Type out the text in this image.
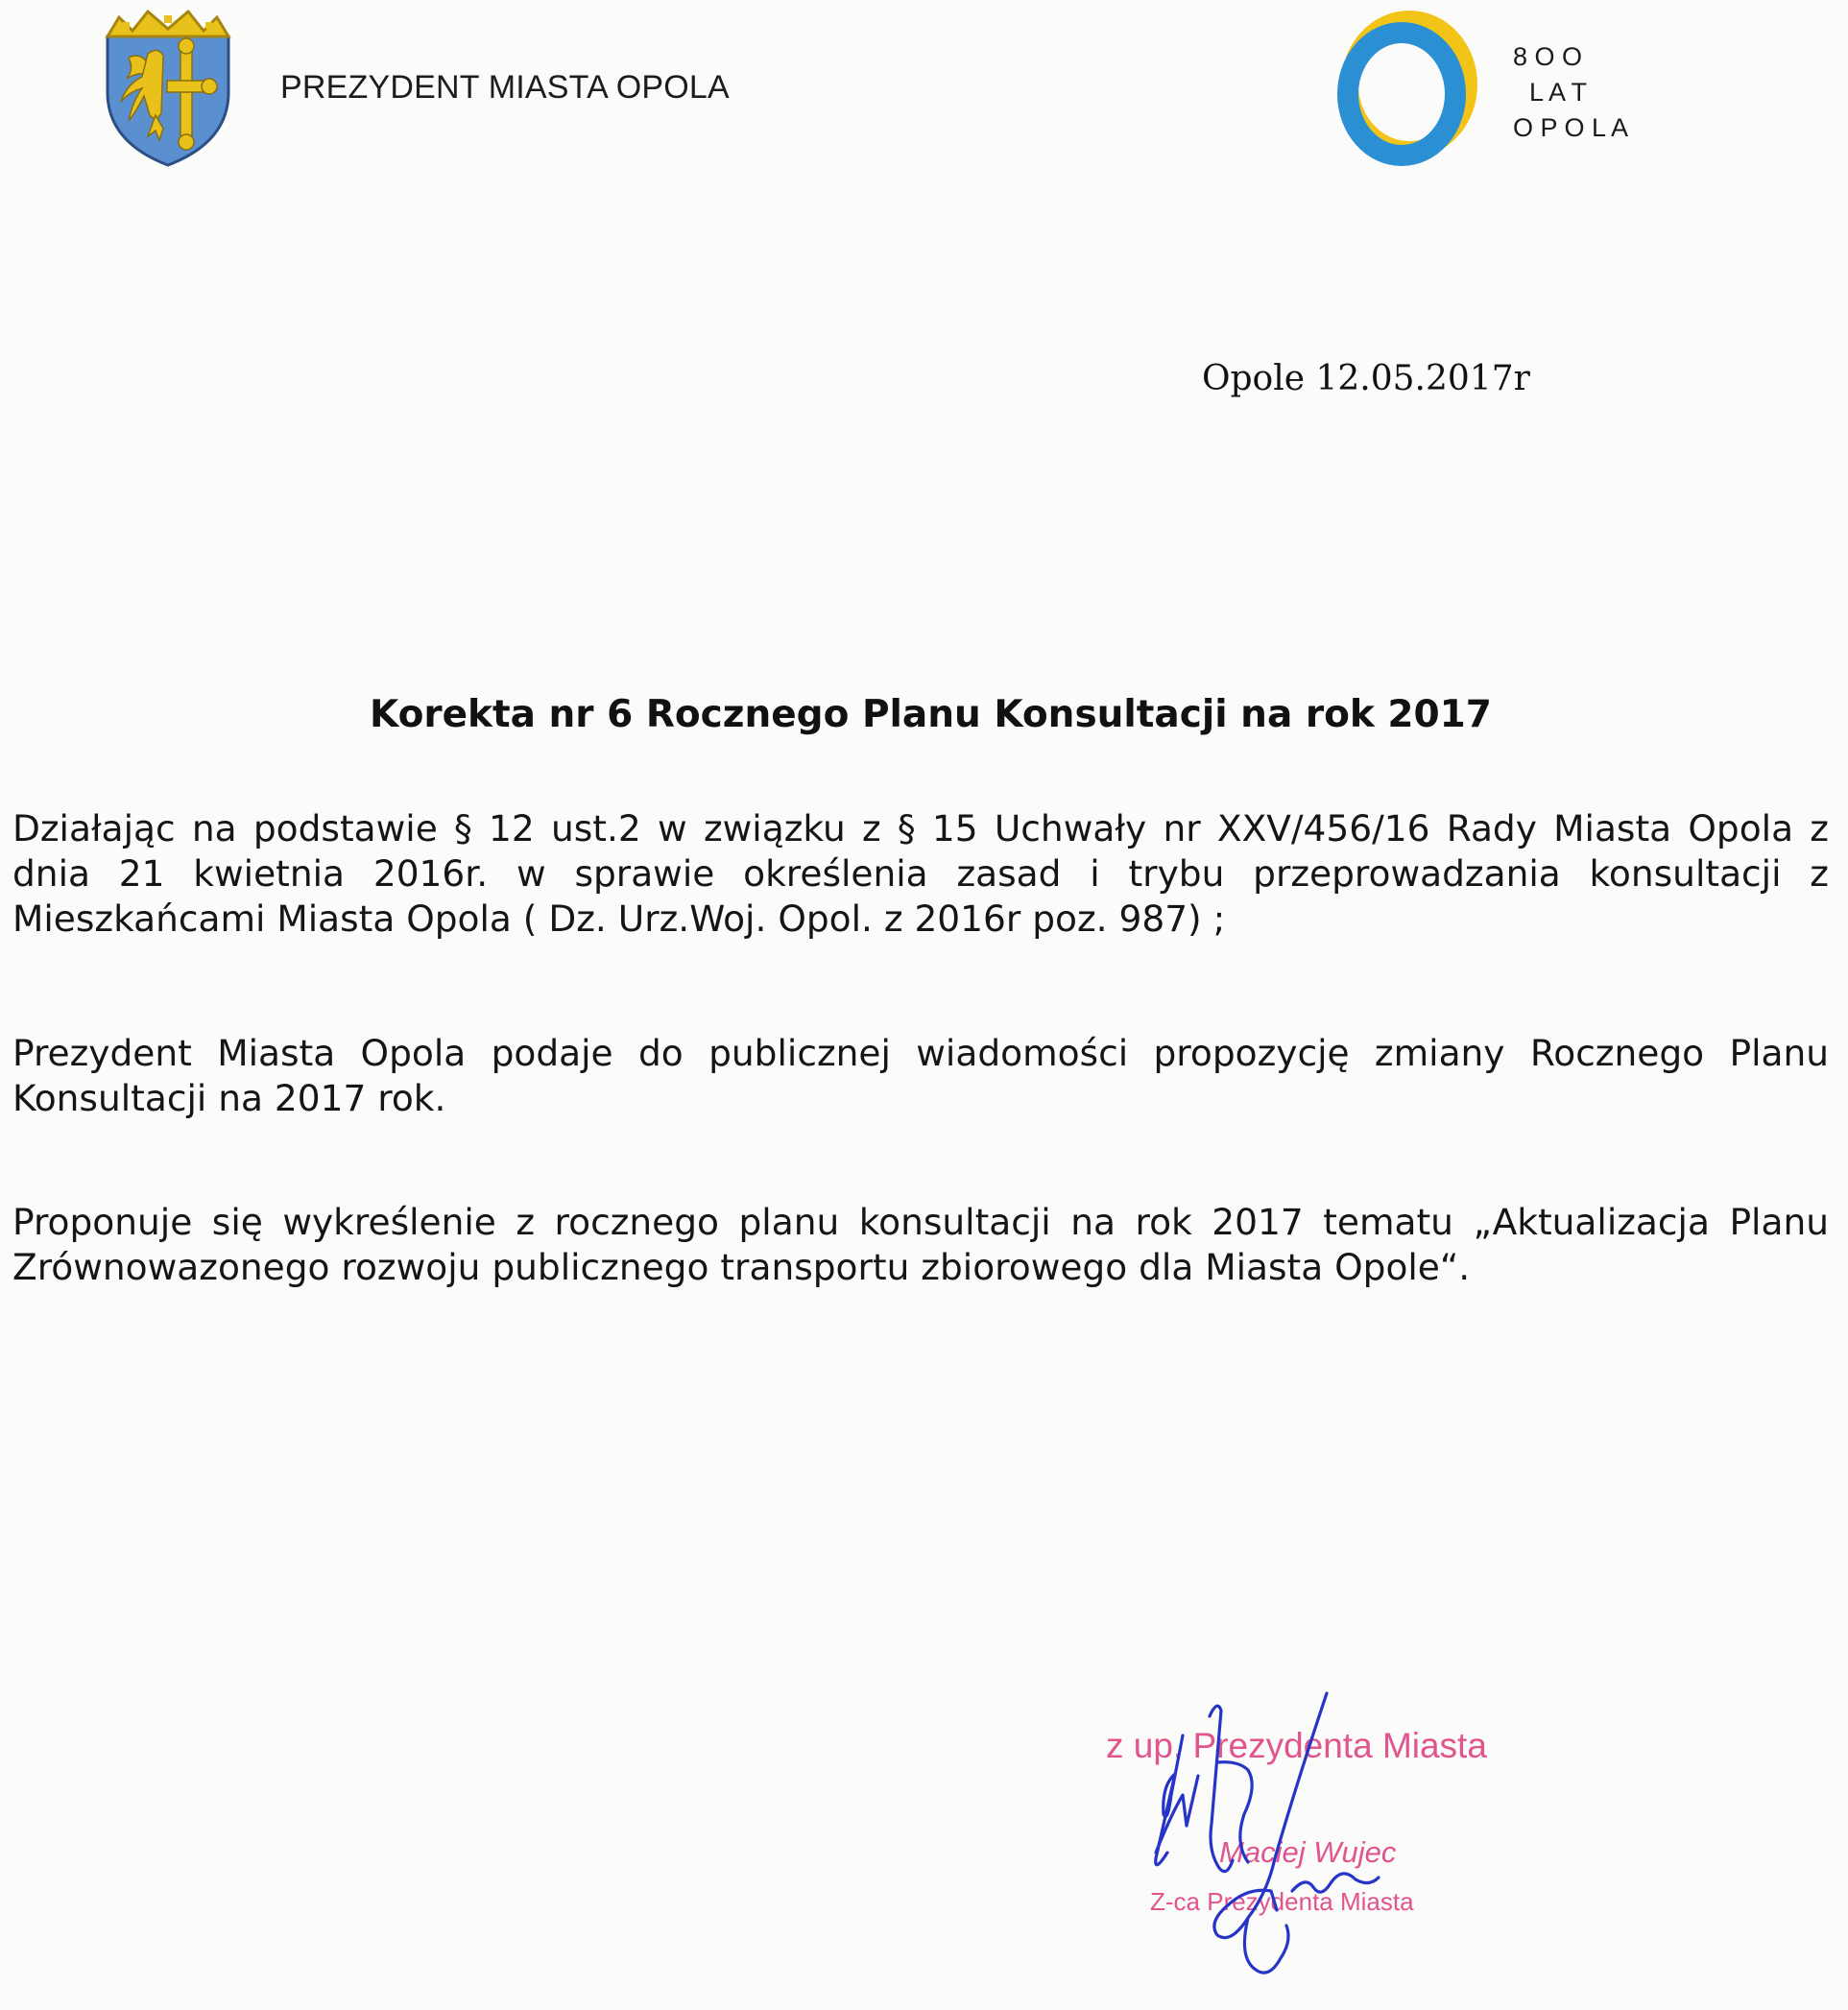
PREZYDENT MIASTA OPOLA
8 O O
L A T
O P O L A
Opole 12.05.2017r
Korekta nr 6 Rocznego Planu Konsultacji na rok 2017
Działając na podstawie § 12 ust.2 w związku z § 15 Uchwały nr XXV/456/16 Rady Miasta Opola z dnia 21 kwietnia 2016r. w sprawie określenia zasad i trybu przeprowadzania konsultacji z Mieszkańcami Miasta Opola ( Dz. Urz.Woj. Opol. z 2016r poz. 987) ;
Prezydent Miasta Opola podaje do publicznej wiadomości propozycję zmiany Rocznego Planu Konsultacji na 2017 rok.
Proponuje się wykreślenie z rocznego planu konsultacji na rok 2017 tematu „Aktualizacja Planu Zrównowazonego rozwoju publicznego transportu zbiorowego dla Miasta Opole“.
z up. Prezydenta Miasta
Maciej Wujec
Z-ca Prezydenta Miasta
